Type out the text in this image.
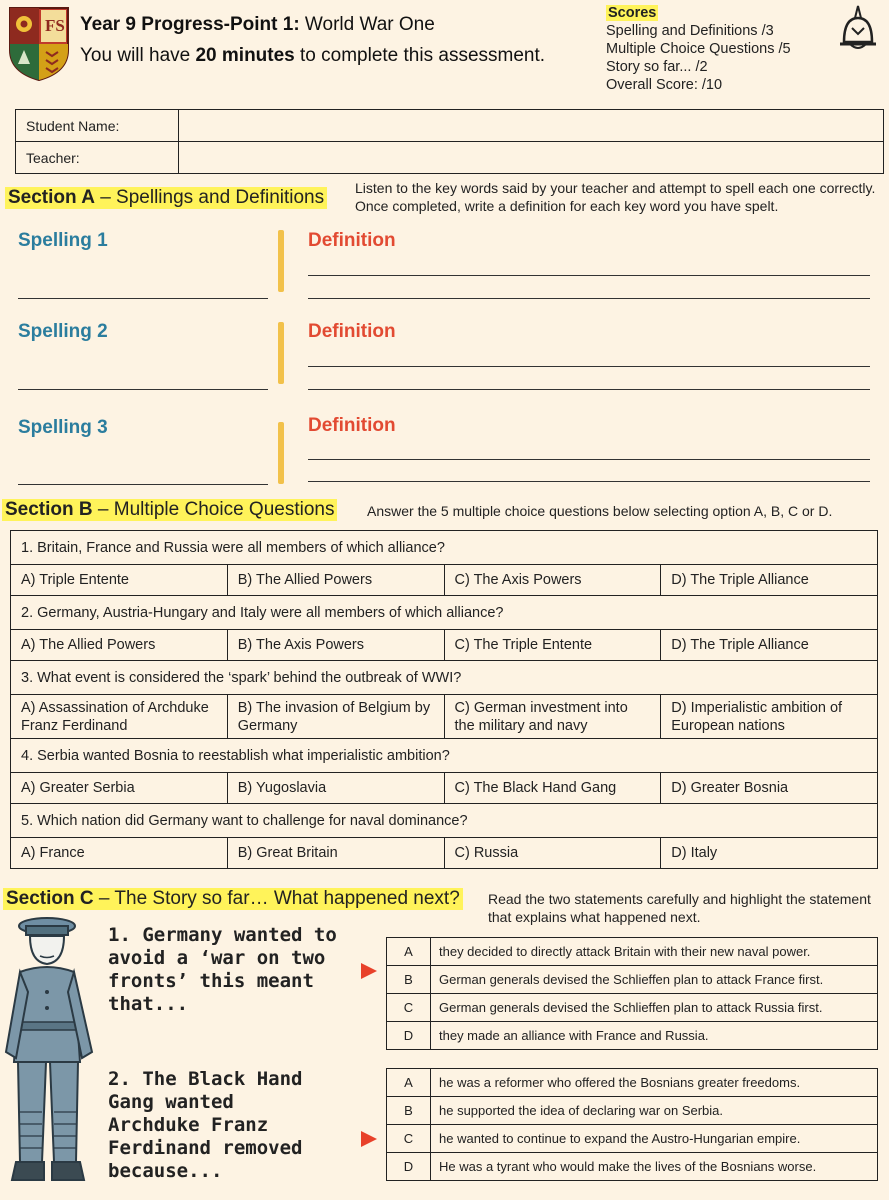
FS Year 9 Progress-Point 1: World War One
You will have 20 minutes to complete this assessment.
Scores
Spelling and Definitions /3
Multiple Choice Questions /5
Story so far... /2
Overall Score: /10
Student Name:	
Teacher:	
Section A – Spellings and Definitions Listen to the key words said by your teacher and attempt to spell each one correctly. Once completed, write a definition for each key word you have spelt.
Spelling 1	Definition
Spelling 2	Definition
Spelling 3	Definition
Section B – Multiple Choice Questions Answer the 5 multiple choice questions below selecting option A, B, C or D.
1. Britain, France and Russia were all members of which alliance?			
A) Triple Entente	B) The Allied Powers	C) The Axis Powers	D) The Triple Alliance
2. Germany, Austria-Hungary and Italy were all members of which alliance?			
A) The Allied Powers	B) The Axis Powers	C) The Triple Entente	D) The Triple Alliance
3. What event is considered the ‘spark’ behind the outbreak of WWI?			
A) Assassination of Archduke Franz Ferdinand	B) The invasion of Belgium by Germany	C) German investment into the military and navy	D) Imperialistic ambition of European nations
4. Serbia wanted Bosnia to reestablish what imperialistic ambition?			
A) Greater Serbia	B) Yugoslavia	C) The Black Hand Gang	D) Greater Bosnia
5. Which nation did Germany want to challenge for naval dominance?			
A) France	B) Great Britain	C) Russia	D) Italy
Section C – The Story so far… What happened next? Read the two statements carefully and highlight the statement that explains what happened next.
1. Germany wanted to
avoid a ‘war on two
fronts’ this meant
that...
A	they decided to directly attack Britain with their new naval power.
B	German generals devised the Schlieffen plan to attack France first.
C	German generals devised the Schlieffen plan to attack Russia first.
D	they made an alliance with France and Russia.
2. The Black Hand
Gang wanted
Archduke Franz
Ferdinand removed
because...
A	he was a reformer who offered the Bosnians greater freedoms.
B	he supported the idea of declaring war on Serbia.
C	he wanted to continue to expand the Austro-Hungarian empire.
D	He was a tyrant who would make the lives of the Bosnians worse.
